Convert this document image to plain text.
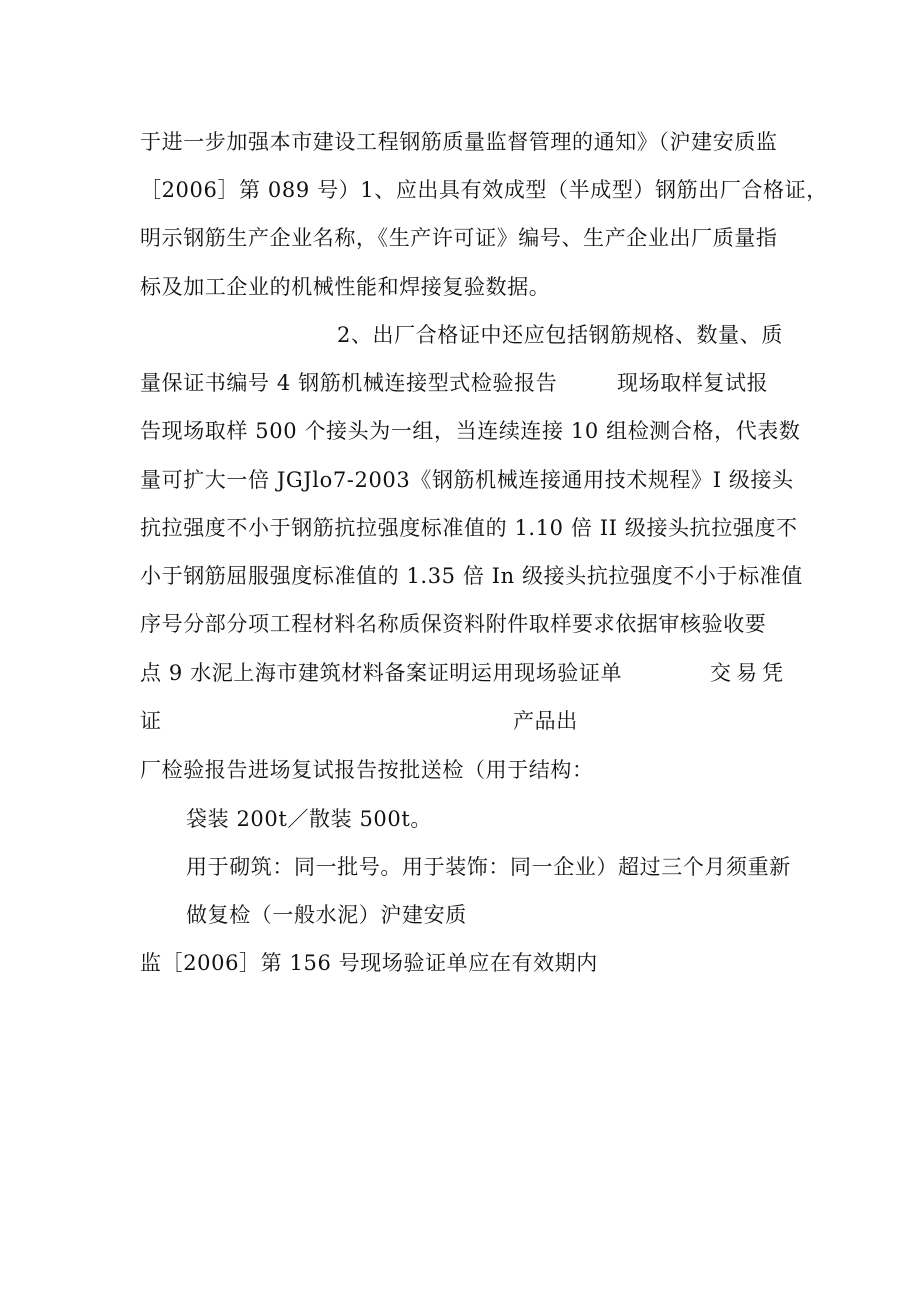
于进一步加强本市建设工程钢筋质量监督管理的通知》（沪建安质监
［2006］第 089 号）1、应出具有效成型（半成型）钢筋出厂合格证，
明示钢筋生产企业名称，《生产许可证》编号、生产企业出厂质量指
标及加工企业的机械性能和焊接复验数据。
2、出厂合格证中还应包括钢筋规格、数量、质
量保证书编号 4 钢筋机械连接型式检验报告	现场取样复试报
告现场取样 500 个接头为一组，当连续连接 10 组检测合格，代表数
量可扩大一倍 JGJlo7-2003《钢筋机械连接通用技术规程》I 级接头
抗拉强度不小于钢筋抗拉强度标准值的 1.10 倍 II 级接头抗拉强度不
小于钢筋屈服强度标准值的 1.35 倍 In 级接头抗拉强度不小于标准值
序号分部分项工程材料名称质保资料附件取样要求依据审核验收要
点 9 水泥上海市建筑材料备案证明运用现场验证单	交易凭
证	产品出
厂检验报告进场复试报告按批送检（用于结构：
袋装 200t／散装 500t。
用于砌筑：同一批号。用于装饰：同一企业）超过三个月须重新
做复检（一般水泥）沪建安质
监［2006］第 156 号现场验证单应在有效期内
